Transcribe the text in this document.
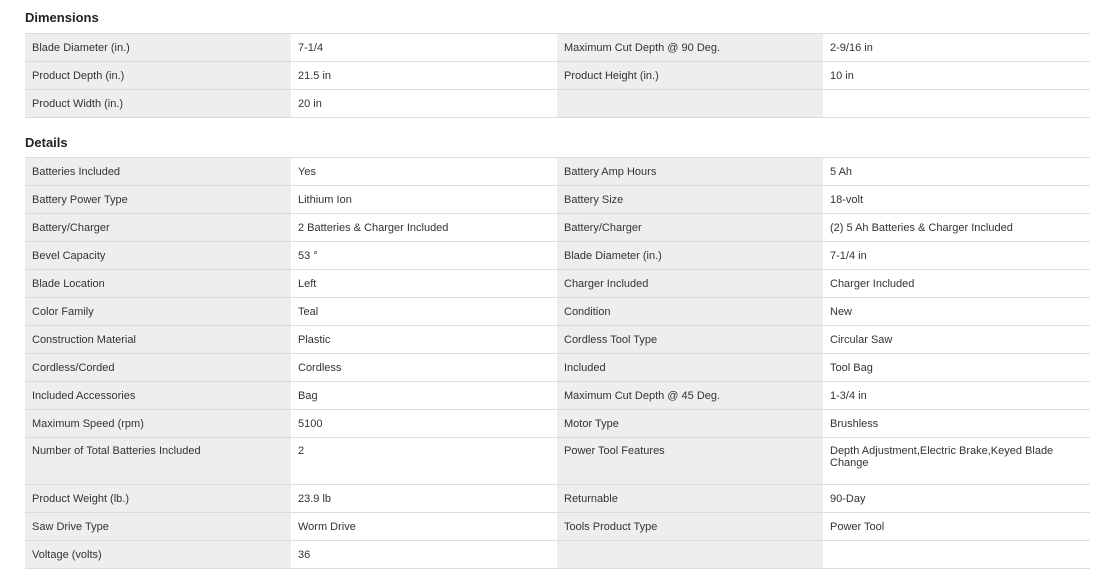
Dimensions
Blade Diameter (in.)	7-1/4	Maximum Cut Depth @ 90 Deg.	2-9/16 in
Product Depth (in.)	21.5 in	Product Height (in.)	10 in
Product Width (in.)	20 in		
Details
Batteries Included	Yes	Battery Amp Hours	5 Ah
Battery Power Type	Lithium Ion	Battery Size	18-volt
Battery/Charger	2 Batteries & Charger Included	Battery/Charger	(2) 5 Ah Batteries & Charger Included
Bevel Capacity	53 °	Blade Diameter (in.)	7-1/4 in
Blade Location	Left	Charger Included	Charger Included
Color Family	Teal	Condition	New
Construction Material	Plastic	Cordless Tool Type	Circular Saw
Cordless/Corded	Cordless	Included	Tool Bag
Included Accessories	Bag	Maximum Cut Depth @ 45 Deg.	1-3/4 in
Maximum Speed (rpm)	5100	Motor Type	Brushless
Number of Total Batteries Included	2	Power Tool Features	Depth Adjustment,Electric Brake,Keyed Blade Change
Product Weight (lb.)	23.9 lb	Returnable	90-Day
Saw Drive Type	Worm Drive	Tools Product Type	Power Tool
Voltage (volts)	36		
